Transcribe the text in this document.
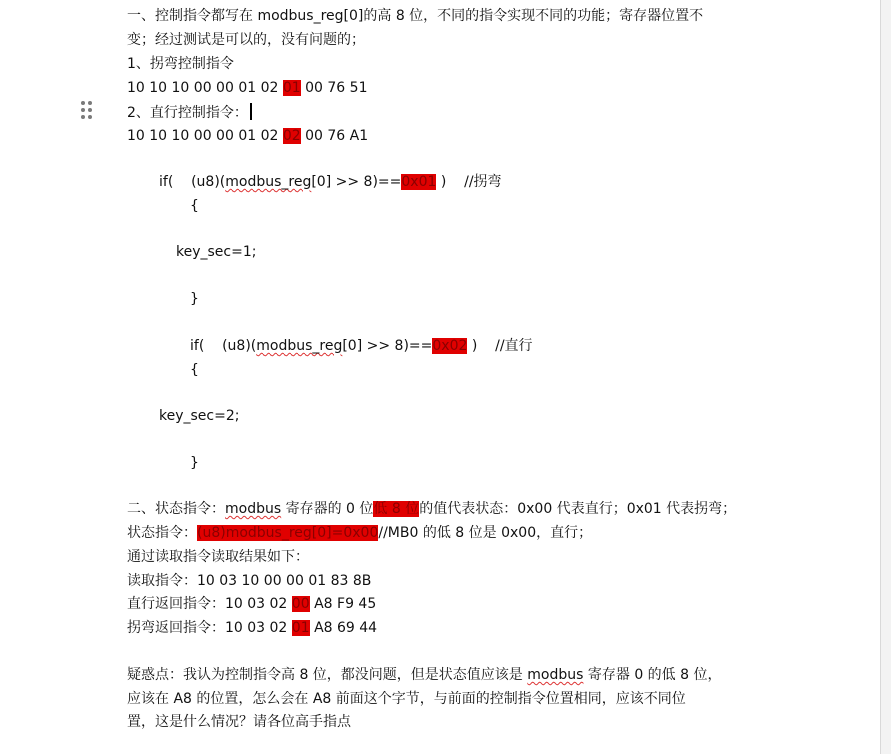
一、控制指令都写在 modbus_reg[0]的高 8 位，不同的指令实现不同的功能；寄存器位置不
变；经过测试是可以的，没有问题的；
1、拐弯控制指令
10 10 10 00 00 01 02 01 00 76 51
2、直行控制指令：
10 10 10 00 00 01 02 02 00 76 A1
if(    (u8)(modbus_reg[0] >> 8)==0x01 )    //拐弯
{
key_sec=1;
}
if(    (u8)(modbus_reg[0] >> 8)==0x02 )    //直行
{
key_sec=2;
}
二、状态指令：modbus 寄存器的 0 位低 8 位的值代表状态：0x00 代表直行；0x01 代表拐弯；
状态指令：(u8)modbus_reg[0]=0x00//MB0 的低 8 位是 0x00，直行；
通过读取指令读取结果如下：
读取指令：10 03 10 00 00 01 83 8B
直行返回指令：10 03 02 00 A8 F9 45
拐弯返回指令：10 03 02 01 A8 69 44
疑惑点：我认为控制指令高 8 位，都没问题，但是状态值应该是 modbus 寄存器 0 的低 8 位，
应该在 A8 的位置，怎么会在 A8 前面这个字节，与前面的控制指令位置相同，应该不同位
置，这是什么情况？请各位高手指点
